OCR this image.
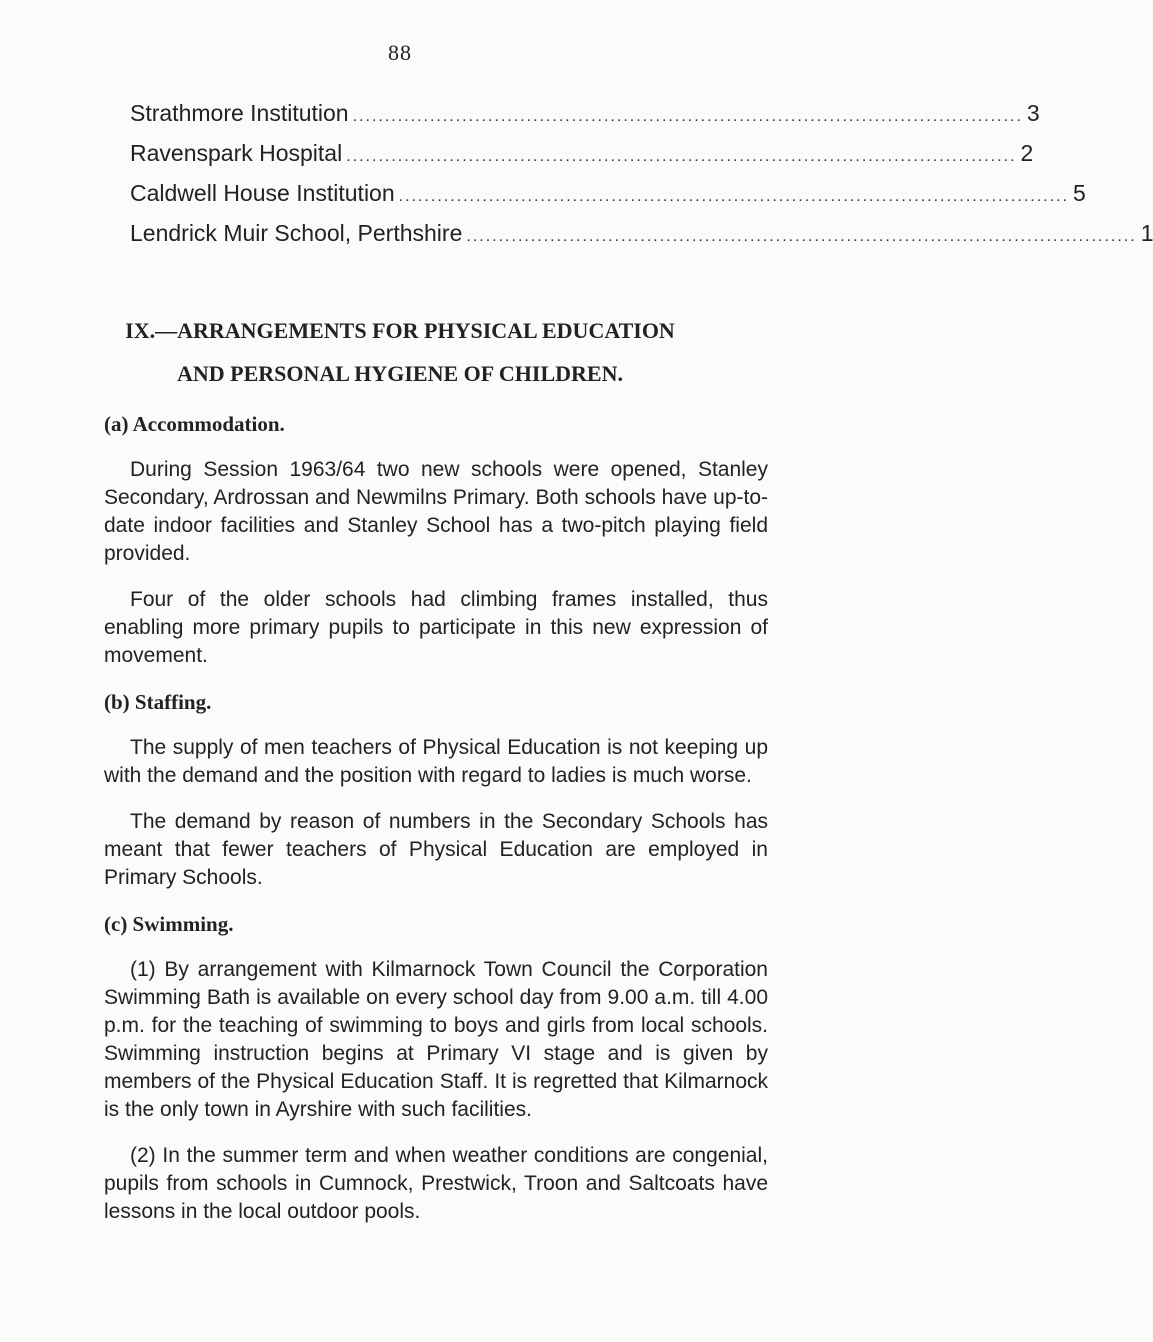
88
Strathmore Institution ........................................................................................................ 3
Ravenspark Hospital ........................................................................................................ 2
Caldwell House Institution ........................................................................................................ 5
Lendrick Muir School, Perthshire ........................................................................................................ 1
IX.—ARRANGEMENTS FOR PHYSICAL EDUCATION
AND PERSONAL HYGIENE OF CHILDREN.
(a) Accommodation.

During Session 1963/64 two new schools were opened, Stanley Secondary, Ardrossan and Newmilns Primary. Both schools have up-to-date indoor facilities and Stanley School has a two-pitch playing field provided.

Four of the older schools had climbing frames installed, thus enabling more primary pupils to participate in this new expression of movement.

(b) Staffing.

The supply of men teachers of Physical Education is not keeping up with the demand and the position with regard to ladies is much worse.

The demand by reason of numbers in the Secondary Schools has meant that fewer teachers of Physical Education are employed in Primary Schools.

(c) Swimming.

(1) By arrangement with Kilmarnock Town Council the Corporation Swimming Bath is available on every school day from 9.00 a.m. till 4.00 p.m. for the teaching of swimming to boys and girls from local schools. Swimming instruction begins at Primary VI stage and is given by members of the Physical Education Staff. It is regretted that Kilmarnock is the only town in Ayrshire with such facilities.

(2) In the summer term and when weather conditions are congenial, pupils from schools in Cumnock, Prestwick, Troon and Saltcoats have lessons in the local outdoor pools.
